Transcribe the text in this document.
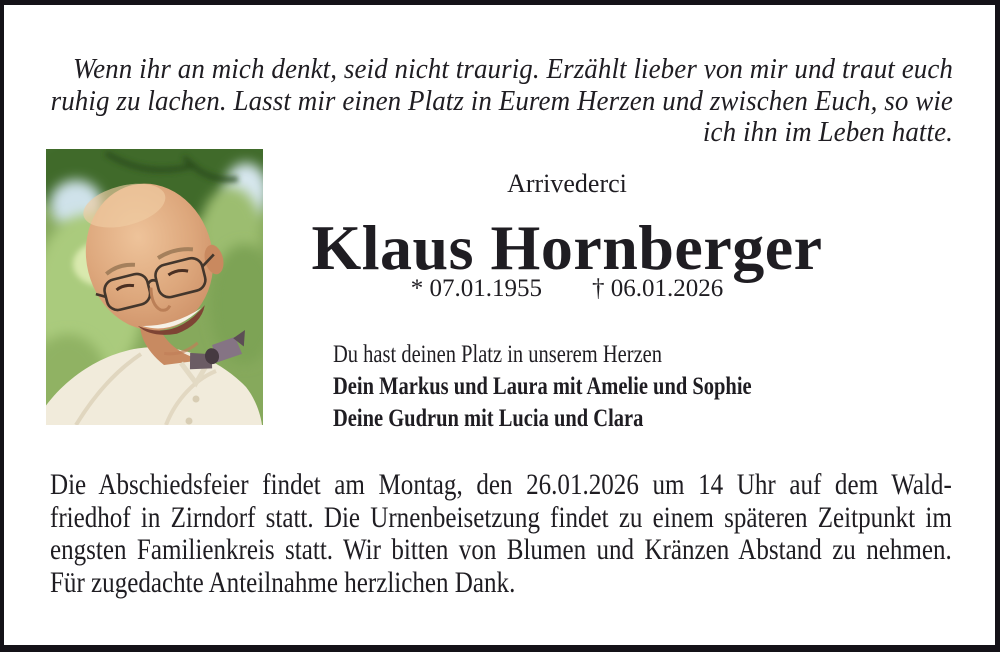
Wenn ihr an mich denkt, seid nicht traurig. Erzählt lieber von mir und traut euch
ruhig zu lachen. Lasst mir einen Platz in Eurem Herzen und zwischen Euch, so wie
ich ihn im Leben hatte.
Arrivederci
Klaus Hornberger
* 07.01.1955 † 06.01.2026
Du hast deinen Platz in unserem Herzen
Dein Markus und Laura mit Amelie und Sophie
Deine Gudrun mit Lucia und Clara
Die Abschiedsfeier findet am Montag, den 26.01.2026 um 14 Uhr auf dem Wald-
friedhof in Zirndorf statt. Die Urnenbeisetzung findet zu einem späteren Zeitpunkt im
engsten Familienkreis statt. Wir bitten von Blumen und Kränzen Abstand zu nehmen.
Für zugedachte Anteilnahme herzlichen Dank.
